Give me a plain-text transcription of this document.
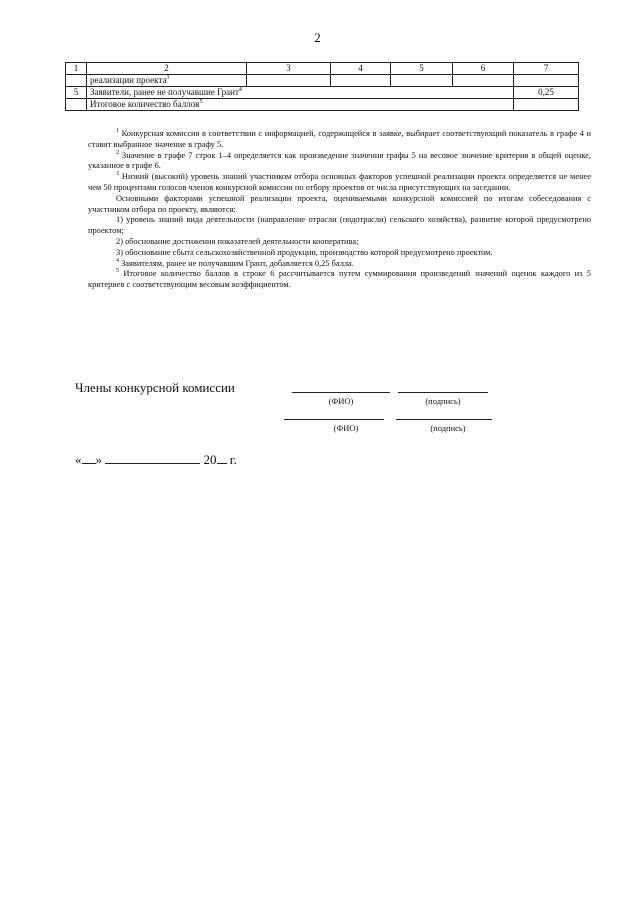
2
1	2	3	4	5	6	7
	реализации проекта$^3$					
5	Заявители, ранее не получавшие Грант$^4$					0,25
	Итоговое количество баллов$^5$	

$^1$ Конкурсная комиссия в соответствии с информацией, содержащейся в заявке, выбирает соответствующий показатель в графе 4 и ставит выбранное значение в графу 5.

$^2$ Значение в графе 7 строк 1–4 определяется как произведение значения графы 5 на весовое значение критерия в общей оценке, указанное в графе 6.

$^3$ Низкий (высокий) уровень знаний участником отбора основных факторов успешной реализации проекта определяется не менее чем 50 процентами голосов членов конкурсной комиссии по отбору проектов от числа присутствующих на заседании.

Основными факторами успешной реализации проекта, оцениваемыми конкурсной комиссией по итогам собеседования с участником отбора по проекту, являются:

1) уровень знаний вида деятельности (направление отрасли (подотрасли) сельского хозяйства), развитие которой предусмотрено проектом;

2) обоснование достижения показателей деятельности кооператива;

3) обоснование сбыта сельскохозяйственной продукции, производство которой предусмотрено проектом.

$^4$ Заявителям, ранее не получавшим Грант, добавляется 0,25 балла.

$^5$ Итоговое количество баллов в строке 6 рассчитывается путем суммирования произведений значений оценок каждого из 5 критериев с соответствующим весовым коэффициентом.

Члены конкурсной комиссии
(ФИО)	(подпись)
(ФИО)	(подпись)
« »	20 г.
